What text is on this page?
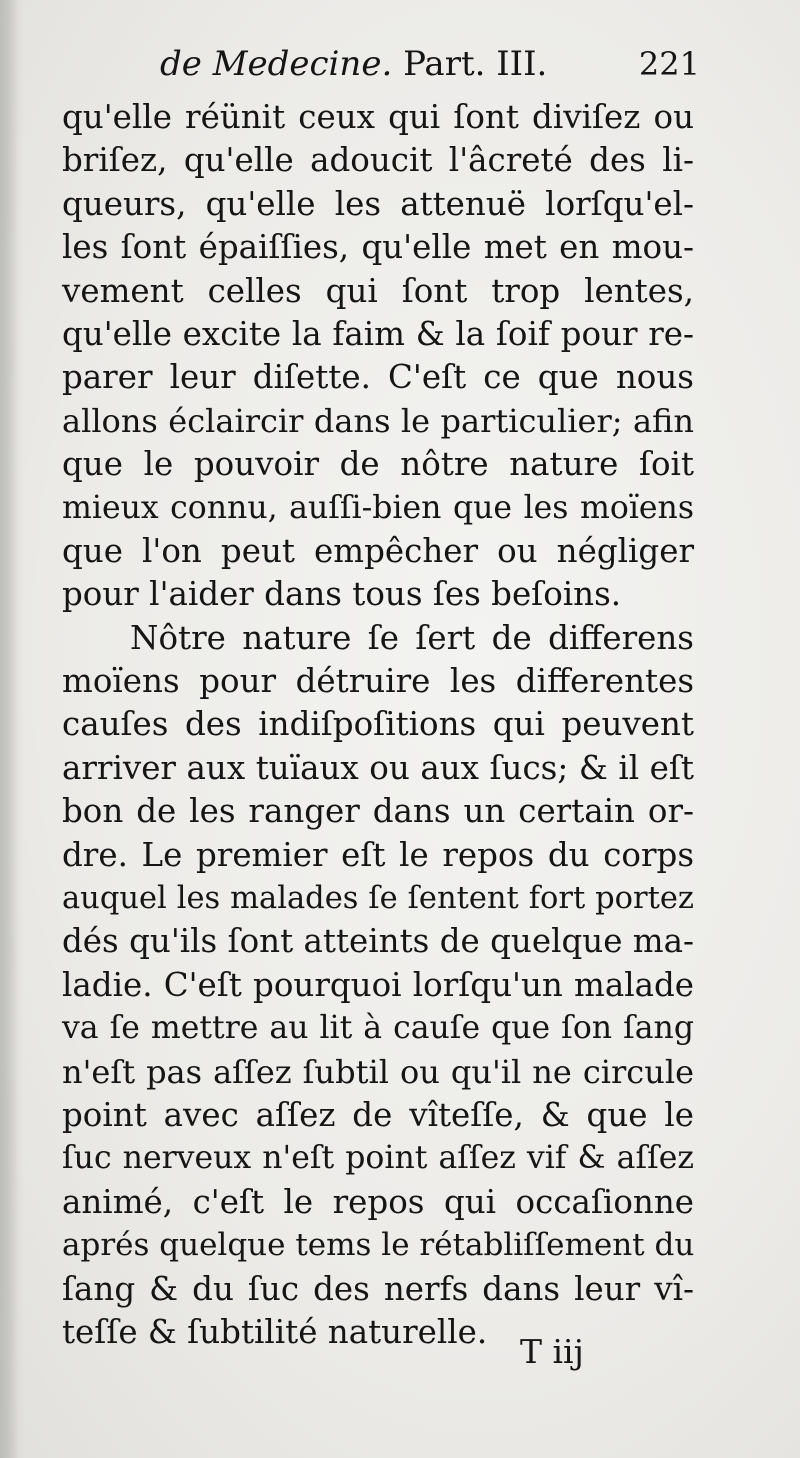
de Medecine. Part. III.	221
qu'elle réünit ceux qui ſont diviſez ou
briſez, qu'elle adoucit l'âcreté des li-
queurs, qu'elle les attenuë lorſqu'el-
les ſont épaiſſies, qu'elle met en mou-
vement celles qui ſont trop lentes,
qu'elle excite la faim & la ſoif pour re-
parer leur diſette. C'eſt ce que nous
allons éclaircir dans le particulier; afin
que le pouvoir de nôtre nature ſoit
mieux connu, auſſi-bien que les moïens
que l'on peut empêcher ou négliger
pour l'aider dans tous ſes beſoins.
Nôtre nature ſe ſert de differens
moïens pour détruire les differentes
cauſes des indiſpoſitions qui peuvent
arriver aux tuïaux ou aux ſucs; & il eſt
bon de les ranger dans un certain or-
dre. Le premier eſt le repos du corps
auquel les malades ſe ſentent fort portez
dés qu'ils ſont atteints de quelque ma-
ladie. C'eſt pourquoi lorſqu'un malade
va ſe mettre au lit à cauſe que ſon ſang
n'eſt pas aſſez ſubtil ou qu'il ne circule
point avec aſſez de vîteſſe, & que le
ſuc nerveux n'eſt point aſſez vif & aſſez
animé, c'eſt le repos qui occaſionne
aprés quelque tems le rétabliſſement du
ſang & du ſuc des nerfs dans leur vî-
teſſe & ſubtilité naturelle.
T iij
